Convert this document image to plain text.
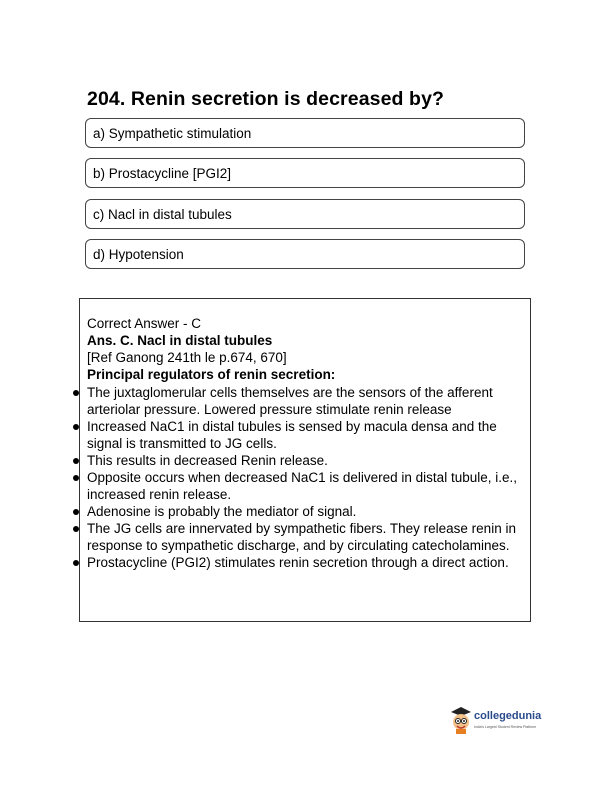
204. Renin secretion is decreased by?
a) Sympathetic stimulation
b) Prostacycline [PGI2]
c) Nacl in distal tubules
d) Hypotension
Correct Answer - C
Ans. C. Nacl in distal tubules
[Ref Ganong 241th le p.674, 670]
Principal regulators of renin secretion:
The juxtaglomerular cells themselves are the sensors of the afferent arteriolar pressure. Lowered pressure stimulate renin release
Increased NaC1 in distal tubules is sensed by macula densa and the signal is transmitted to JG cells.
This results in decreased Renin release.
Opposite occurs when decreased NaC1 is delivered in distal tubule, i.e., increased renin release.
Adenosine is probably the mediator of signal.
The JG cells are innervated by sympathetic fibers. They release renin in response to sympathetic discharge, and by circulating catecholamines.
Prostacycline (PGI2) stimulates renin secretion through a direct action.
collegedunia
India's Largest Student Review Platform
